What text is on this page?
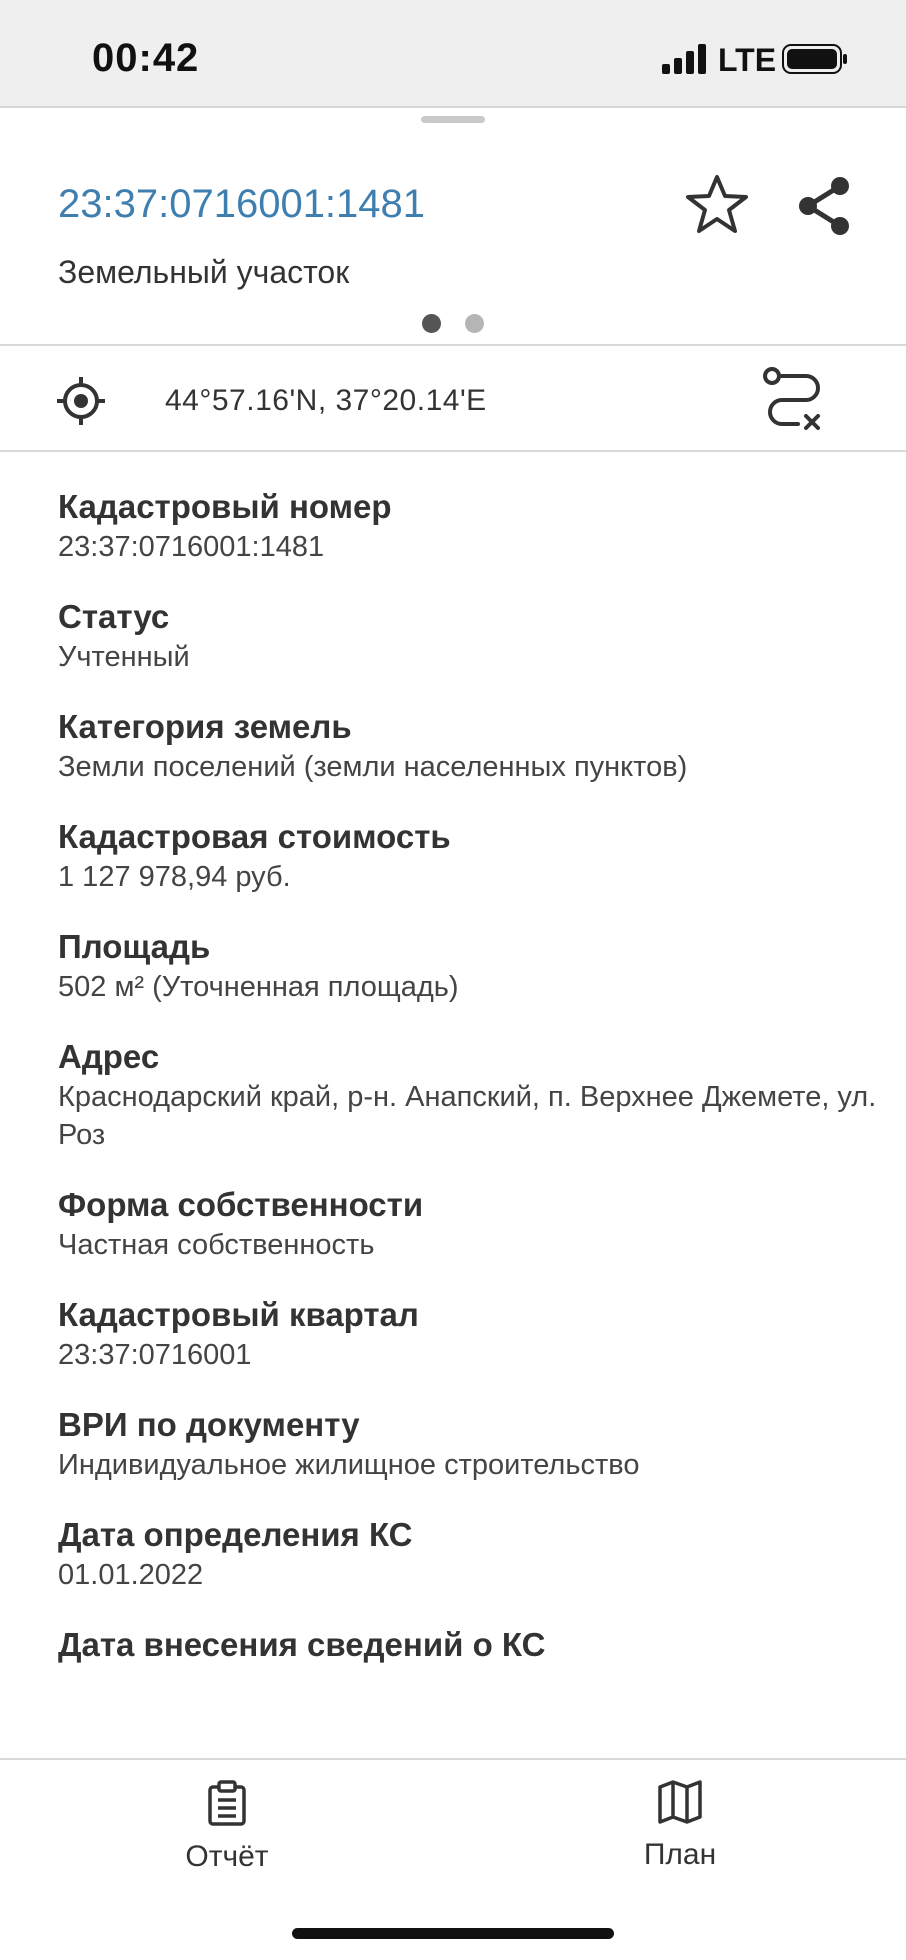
00:42	LTE
23:37:0716001:1481
Земельный участок
44°57.16'N, 37°20.14'E
Кадастровый номер
23:37:0716001:1481
Статус
Учтенный
Категория земель
Земли поселений (земли населенных пунктов)
Кадастровая стоимость
1 127 978,94 руб.
Площадь
502 м² (Уточненная площадь)
Адрес
Краснодарский край, р-н. Анапский, п. Верхнее Джемете, ул. Роз
Форма собственности
Частная собственность
Кадастровый квартал
23:37:0716001
ВРИ по документу
Индивидуальное жилищное строительство
Дата определения КС
01.01.2022
Дата внесения сведений о КС
Отчёт	План
